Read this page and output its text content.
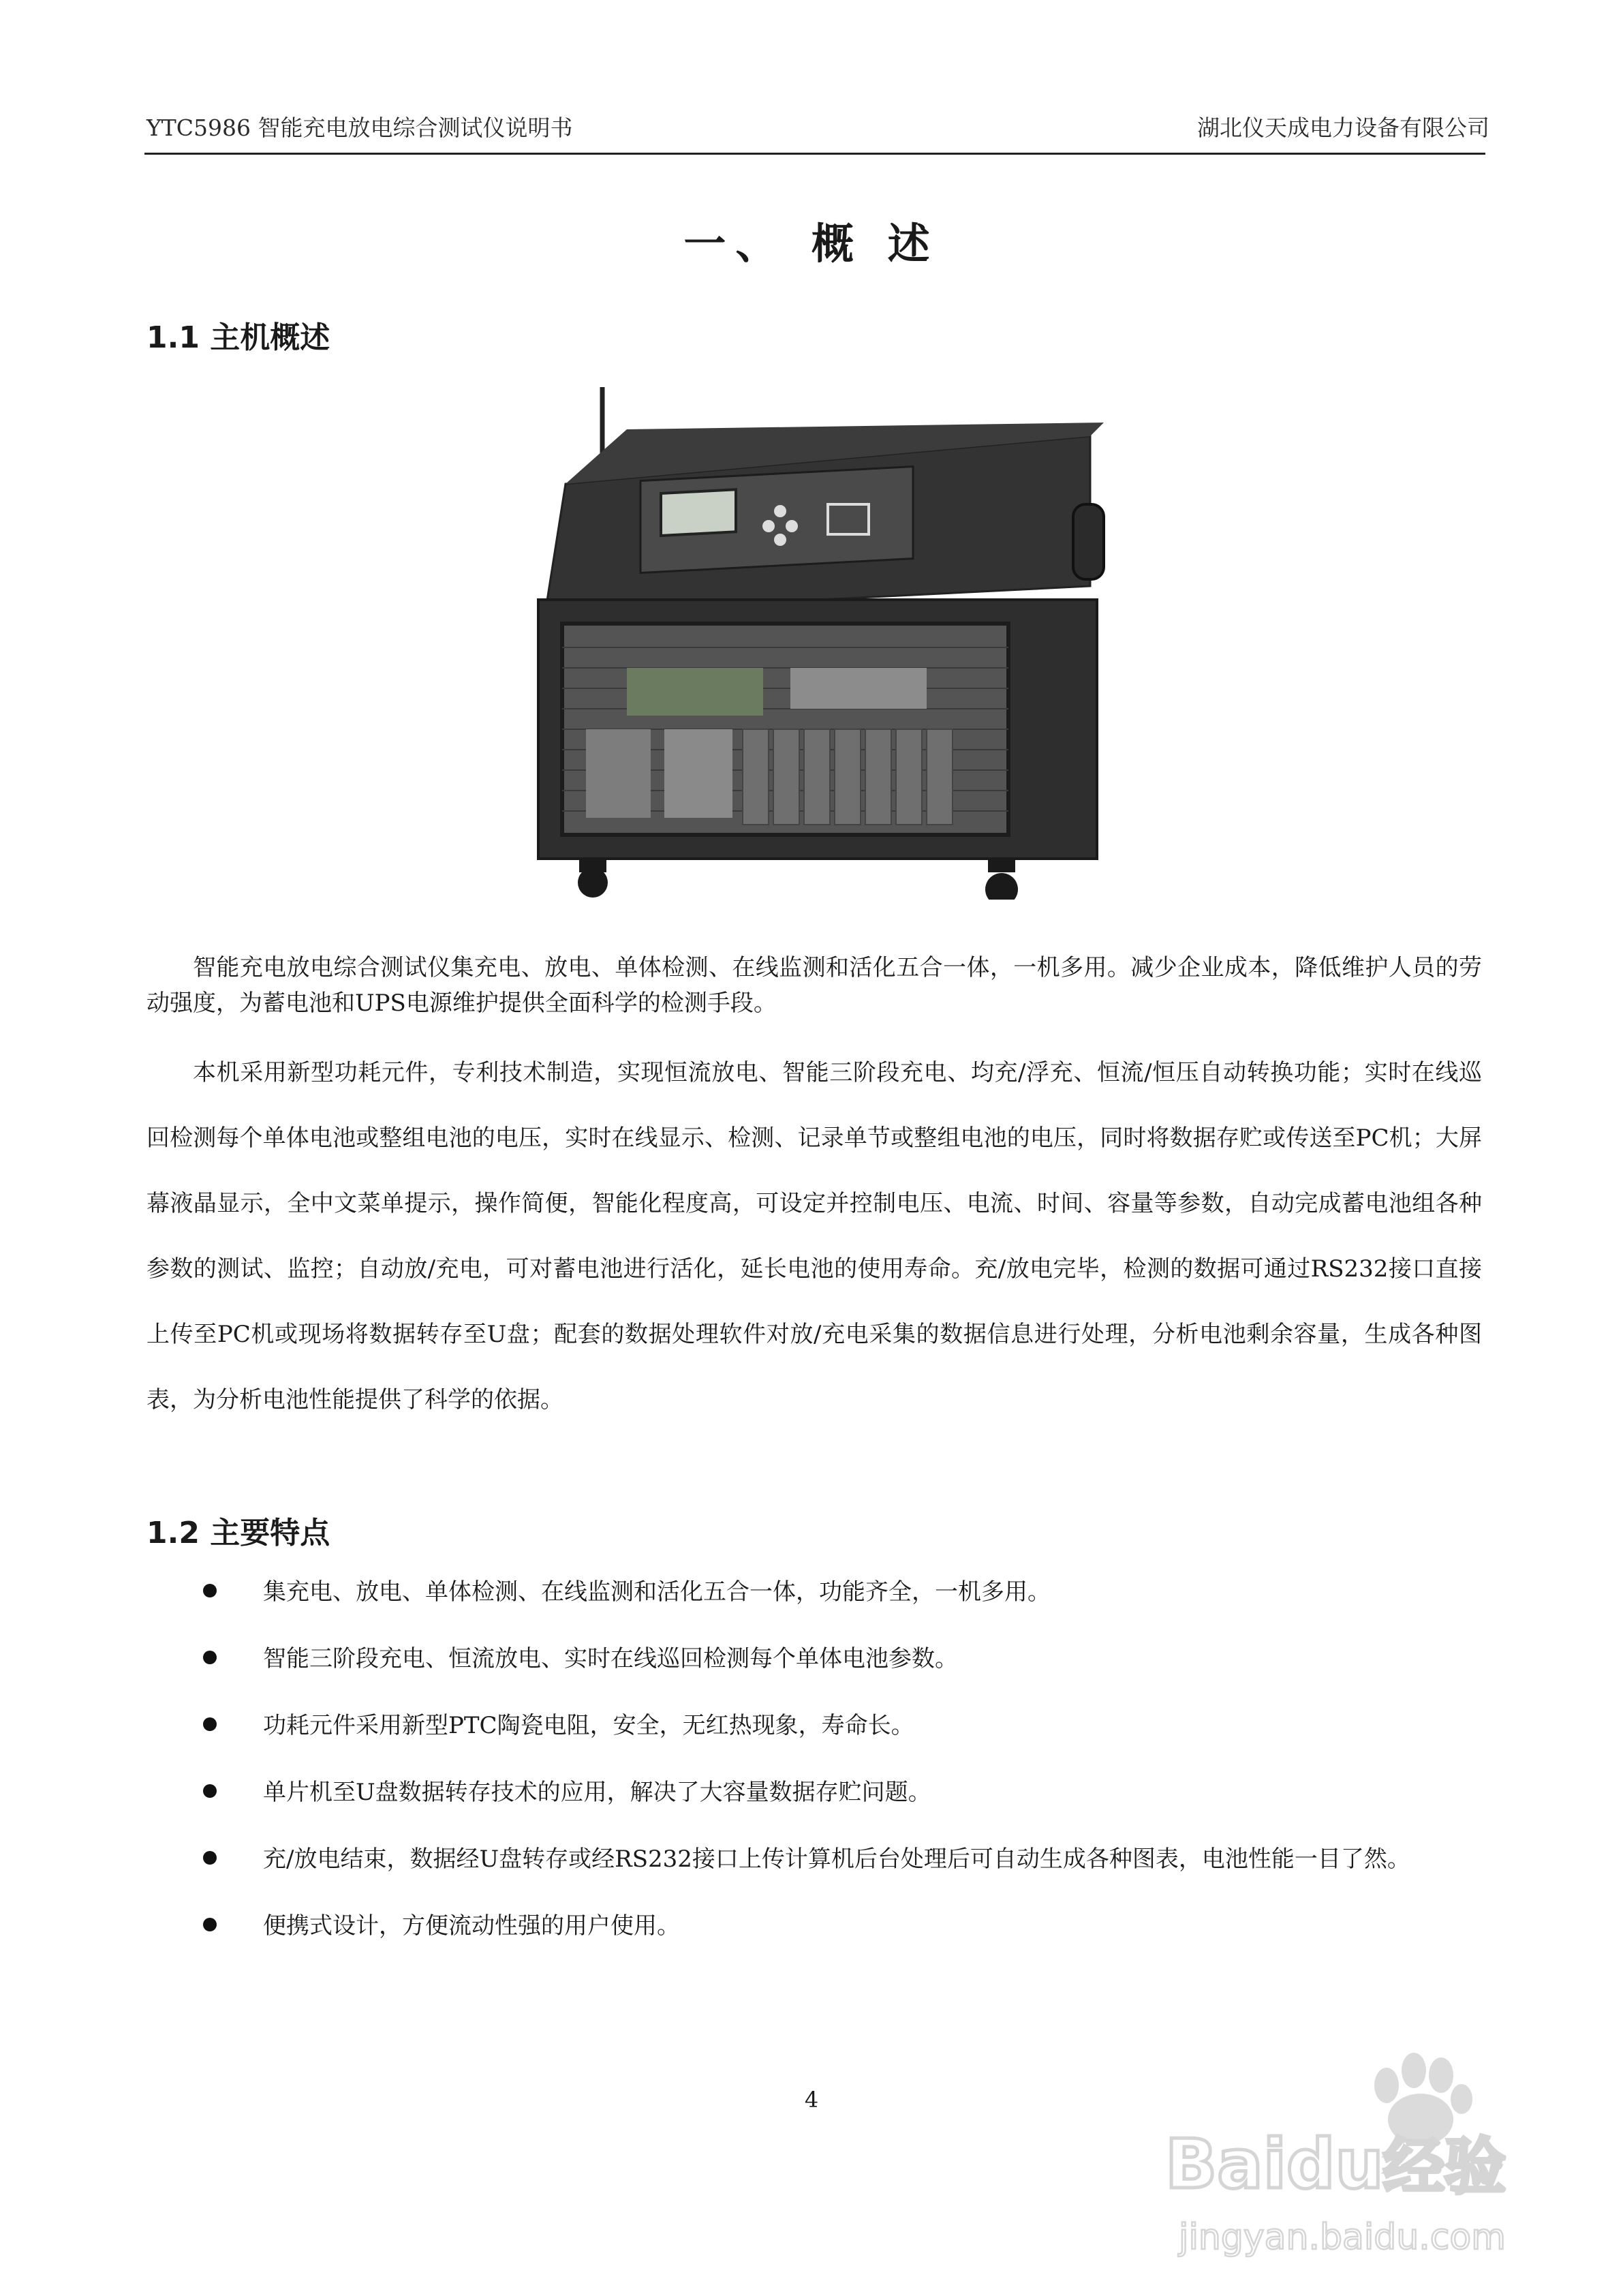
YTC5986 智能充电放电综合测试仪说明书	湖北仪天成电力设备有限公司
一、 概 述
1.1 主机概述

智能充电放电综合测试仪集充电、放电、单体检测、在线监测和活化五合一体，一机多用。减少企业成本，降低维护人员的劳动强度，为蓄电池和UPS电源维护提供全面科学的检测手段。

本机采用新型功耗元件，专利技术制造，实现恒流放电、智能三阶段充电、均充/浮充、恒流/恒压自动转换功能；实时在线巡回检测每个单体电池或整组电池的电压，实时在线显示、检测、记录单节或整组电池的电压，同时将数据存贮或传送至PC机；大屏幕液晶显示，全中文菜单提示，操作简便，智能化程度高，可设定并控制电压、电流、时间、容量等参数，自动完成蓄电池组各种参数的测试、监控；自动放/充电，可对蓄电池进行活化，延长电池的使用寿命。充/放电完毕，检测的数据可通过RS232接口直接上传至PC机或现场将数据转存至U盘；配套的数据处理软件对放/充电采集的数据信息进行处理，分析电池剩余容量，生成各种图表，为分析电池性能提供了科学的依据。

1.2 主要特点
集充电、放电、单体检测、在线监测和活化五合一体，功能齐全，一机多用。
智能三阶段充电、恒流放电、实时在线巡回检测每个单体电池参数。
功耗元件采用新型PTC陶瓷电阻，安全，无红热现象，寿命长。
单片机至U盘数据转存技术的应用，解决了大容量数据存贮问题。
充/放电结束，数据经U盘转存或经RS232接口上传计算机后台处理后可自动生成各种图表，电池性能一目了然。
便携式设计，方便流动性强的用户使用。
4
Baidu 经验
jingyan.baidu.com
